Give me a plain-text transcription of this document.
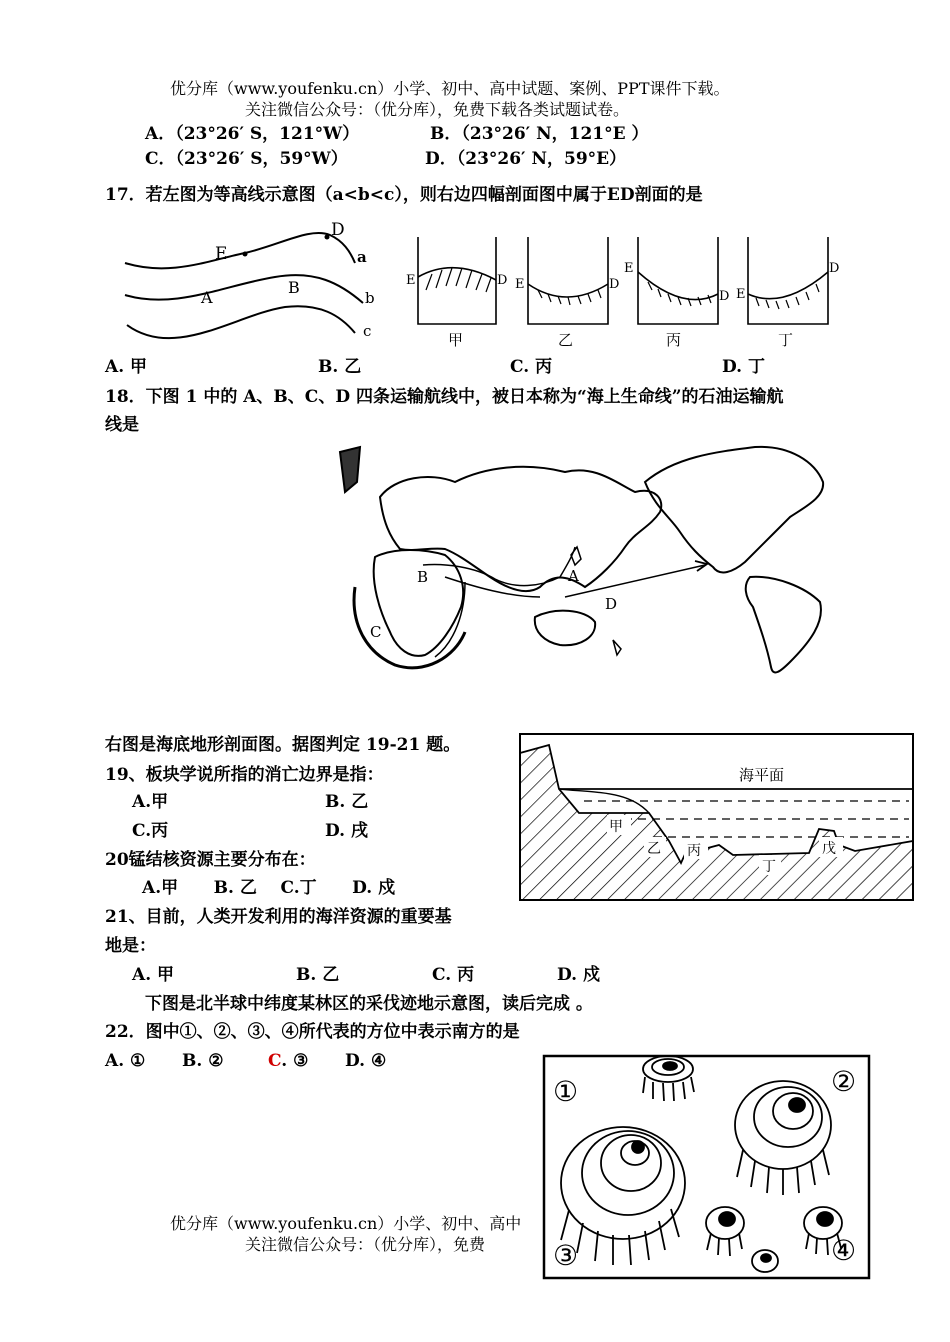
优分库（www.youfenku.cn）小学、初中、高中试题、案例、PPT课件下载。
关注微信公众号：（优分库），免费下载各类试题试卷。
A．（23°26′ S，121°W）	B．（23°26′ N，121°E ）
C．（23°26′ S，59°W）	D．（23°26′ N，59°E）
17．若左图为等高线示意图（a<b<c），则右边四幅剖面图中属于ED剖面的是
E
D
A
B
a
b
c
E	D
甲
E	D
乙
E
D
丙
E
D
丁
A. 甲	B. 乙	C. 丙	D. 丁
18．下图 1 中的 A、B、C、D 四条运输航线中，被日本称为“海上生命线”的石油运输航
线是
A
B
C
D
右图是海底地形剖面图。据图判定 19-21 题。
19、板块学说所指的消亡边界是指：
A.甲	B. 乙
C.丙	D. 戌
20锰结核资源主要分布在：
A.甲      B. 乙    C.丁      D. 戍
21、目前，人类开发利用的海洋资源的重要基
地是：
A. 甲	B. 乙	C. 丙	D. 戍
海平面
甲
乙 丙
丁
戊
下图是北半球中纬度某林区的采伐迹地示意图，读后完成 。
22．图中①、②、③、④所代表的方位中表示南方的是
A. ① B. ②	C. ③ D. ④
①	②
③	④
优分库（www.youfenku.cn）小学、初中、高中
关注微信公众号：（优分库），免费
